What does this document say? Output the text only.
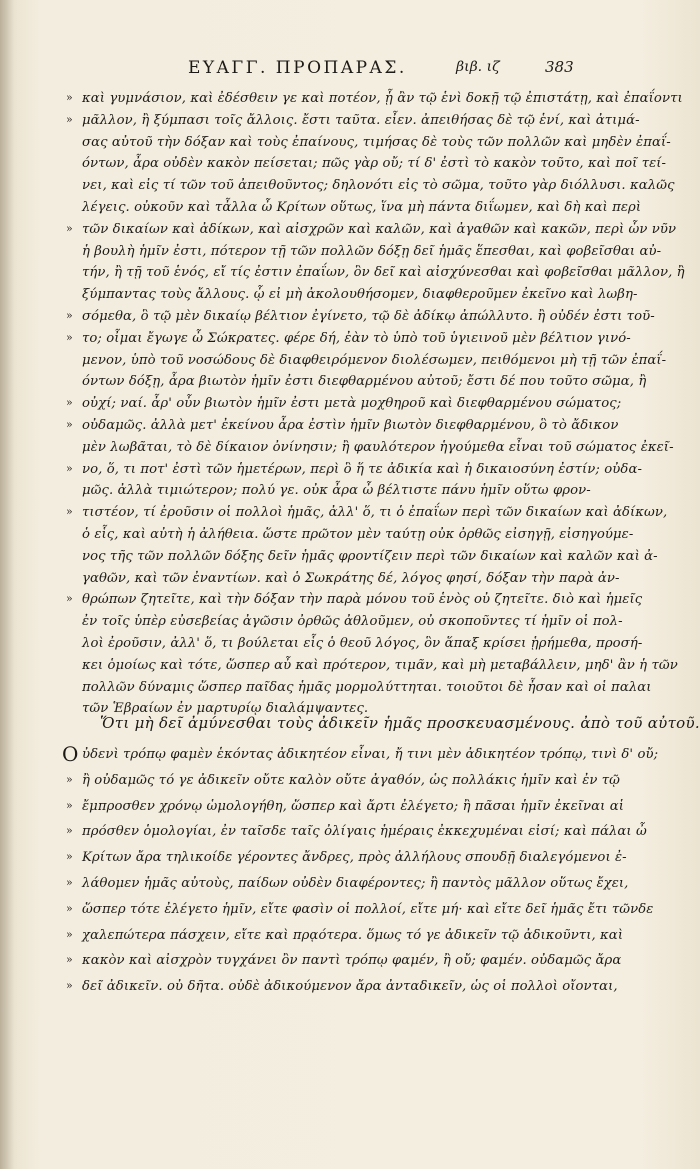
ΕΥΑΓΓ. ΠΡΟΠΑΡΑΣ.	βιβ. ιζ	383
» καὶ γυμνάσιον, καὶ ἐδέσθειν γε καὶ ποτέον, ᾗ ἂν τῷ ἑνὶ δοκῇ τῷ ἐπιστάτῃ, καὶ ἐπαΐοντι
» μᾶλλον, ἢ ξύμπασι τοῖς ἄλλοις. ἔστι ταῦτα. εἶεν. ἀπειθήσας δὲ τῷ ἑνί, καὶ ἀτιμά-
σας αὐτοῦ τὴν δόξαν καὶ τοὺς ἐπαίνους, τιμήσας δὲ τοὺς τῶν πολλῶν καὶ μηδὲν ἐπαΐ-
όντων, ἆρα οὐδὲν κακὸν πείσεται; πῶς γὰρ οὔ; τί δ' ἐστὶ τὸ κακὸν τοῦτο, καὶ ποῖ τεί-
νει, καὶ εἰς τί τῶν τοῦ ἀπειθοῦντος; δηλονότι εἰς τὸ σῶμα, τοῦτο γὰρ διόλλυσι. καλῶς
λέγεις. οὐκοῦν καὶ τἆλλα ὦ Κρίτων οὕτως, ἵνα μὴ πάντα διΐωμεν, καὶ δὴ καὶ περὶ
» τῶν δικαίων καὶ ἀδίκων, καὶ αἰσχρῶν καὶ καλῶν, καὶ ἀγαθῶν καὶ κακῶν, περὶ ὧν νῦν
ἡ βουλὴ ἡμῖν ἐστι, πότερον τῇ τῶν πολλῶν δόξῃ δεῖ ἡμᾶς ἕπεσθαι, καὶ φοβεῖσθαι αὐ-
τήν, ἢ τῇ τοῦ ἑνός, εἴ τίς ἐστιν ἐπαΐων, ὃν δεῖ καὶ αἰσχύνεσθαι καὶ φοβεῖσθαι μᾶλλον, ἢ
ξύμπαντας τοὺς ἄλλους. ᾧ εἰ μὴ ἀκολουθήσομεν, διαφθεροῦμεν ἐκεῖνο καὶ λωβη-
» σόμεθα, ὃ τῷ μὲν δικαίῳ βέλτιον ἐγίνετο, τῷ δὲ ἀδίκῳ ἀπώλλυτο. ἢ οὐδέν ἐστι τοῦ-
» το; οἶμαι ἔγωγε ὦ Σώκρατες. φέρε δή, ἐὰν τὸ ὑπὸ τοῦ ὑγιεινοῦ μὲν βέλτιον γινό-
μενον, ὑπὸ τοῦ νοσώδους δὲ διαφθειρόμενον διολέσωμεν, πειθόμενοι μὴ τῇ τῶν ἐπαΐ-
όντων δόξῃ, ἆρα βιωτὸν ἡμῖν ἐστι διεφθαρμένου αὐτοῦ; ἔστι δέ που τοῦτο σῶμα, ἢ
» οὐχί; ναί. ἆρ' οὖν βιωτὸν ἡμῖν ἐστι μετὰ μοχθηροῦ καὶ διεφθαρμένου σώματος;
» οὐδαμῶς. ἀλλὰ μετ' ἐκείνου ἆρα ἐστὶν ἡμῖν βιωτὸν διεφθαρμένου, ὃ τὸ ἄδικον
μὲν λωβᾶται, τὸ δὲ δίκαιον ὀνίνησιν; ἢ φαυλότερον ἡγούμεθα εἶναι τοῦ σώματος ἐκεῖ-
» νο, ὅ, τι ποτ' ἐστὶ τῶν ἡμετέρων, περὶ ὃ ἥ τε ἀδικία καὶ ἡ δικαιοσύνη ἐστίν; οὐδα-
μῶς. ἀλλὰ τιμιώτερον; πολύ γε. οὐκ ἆρα ὦ βέλτιστε πάνυ ἡμῖν οὕτω φρον-
» τιστέον, τί ἐροῦσιν οἱ πολλοὶ ἡμᾶς, ἀλλ' ὅ, τι ὁ ἐπαΐων περὶ τῶν δικαίων καὶ ἀδίκων,
ὁ εἷς, καὶ αὐτὴ ἡ ἀλήθεια. ὥστε πρῶτον μὲν ταύτῃ οὐκ ὀρθῶς εἰσηγῇ, εἰσηγούμε-
νος τῆς τῶν πολλῶν δόξης δεῖν ἡμᾶς φροντίζειν περὶ τῶν δικαίων καὶ καλῶν καὶ ἀ-
γαθῶν, καὶ τῶν ἐναντίων. καὶ ὁ Σωκράτης δέ, λόγος φησί, δόξαν τὴν παρὰ ἀν-
» θρώπων ζητεῖτε, καὶ τὴν δόξαν τὴν παρὰ μόνου τοῦ ἑνὸς οὐ ζητεῖτε. διὸ καὶ ἡμεῖς
ἐν τοῖς ὑπὲρ εὐσεβείας ἀγῶσιν ὀρθῶς ἀθλοῦμεν, οὐ σκοποῦντες τί ἡμῖν οἱ πολ-
λοὶ ἐροῦσιν, ἀλλ' ὅ, τι βούλεται εἷς ὁ θεοῦ λόγος, ὃν ἅπαξ κρίσει ᾑρήμεθα, προσή-
κει ὁμοίως καὶ τότε, ὥσπερ αὖ καὶ πρότερον, τιμᾶν, καὶ μὴ μεταβάλλειν, μηδ' ἂν ἡ τῶν
πολλῶν δύναμις ὥσπερ παῖδας ἡμᾶς μορμολύττηται. τοιοῦτοι δὲ ἦσαν καὶ οἱ παλαι
τῶν Ἑβραίων ἐν μαρτυρίῳ διαλάμψαντες.
Ὅτι μὴ δεῖ ἀμύνεσθαι τοὺς ἀδικεῖν ἡμᾶς προσκευασμένους. ἀπὸ τοῦ αὐτοῦ.
Ο ὐδενὶ τρόπῳ φαμὲν ἑκόντας ἀδικητέον εἶναι, ἤ τινι μὲν ἀδικητέον τρόπῳ, τινὶ δ' οὔ;
» ἢ οὐδαμῶς τό γε ἀδικεῖν οὔτε καλὸν οὔτε ἀγαθόν, ὡς πολλάκις ἡμῖν καὶ ἐν τῷ
» ἔμπροσθεν χρόνῳ ὡμολογήθη, ὥσπερ καὶ ἄρτι ἐλέγετο; ἢ πᾶσαι ἡμῖν ἐκεῖναι αἱ
» πρόσθεν ὁμολογίαι, ἐν ταῖσδε ταῖς ὀλίγαις ἡμέραις ἐκκεχυμέναι εἰσί; καὶ πάλαι ὦ
» Κρίτων ἄρα τηλικοίδε γέροντες ἄνδρες, πρὸς ἀλλήλους σπουδῇ διαλεγόμενοι ἐ-
» λάθομεν ἡμᾶς αὐτοὺς, παίδων οὐδὲν διαφέροντες; ἢ παντὸς μᾶλλον οὕτως ἔχει,
» ὥσπερ τότε ἐλέγετο ἡμῖν, εἴτε φασὶν οἱ πολλοί, εἴτε μή· καὶ εἴτε δεῖ ἡμᾶς ἔτι τῶνδε
» χαλεπώτερα πάσχειν, εἴτε καὶ πρᾳότερα. ὅμως τό γε ἀδικεῖν τῷ ἀδικοῦντι, καὶ
» κακὸν καὶ αἰσχρὸν τυγχάνει ὂν παντὶ τρόπῳ φαμέν, ἢ οὔ; φαμέν. οὐδαμῶς ἄρα
» δεῖ ἀδικεῖν. οὐ δῆτα. οὐδὲ ἀδικούμενον ἄρα ἀνταδικεῖν, ὡς οἱ πολλοὶ οἴονται,
